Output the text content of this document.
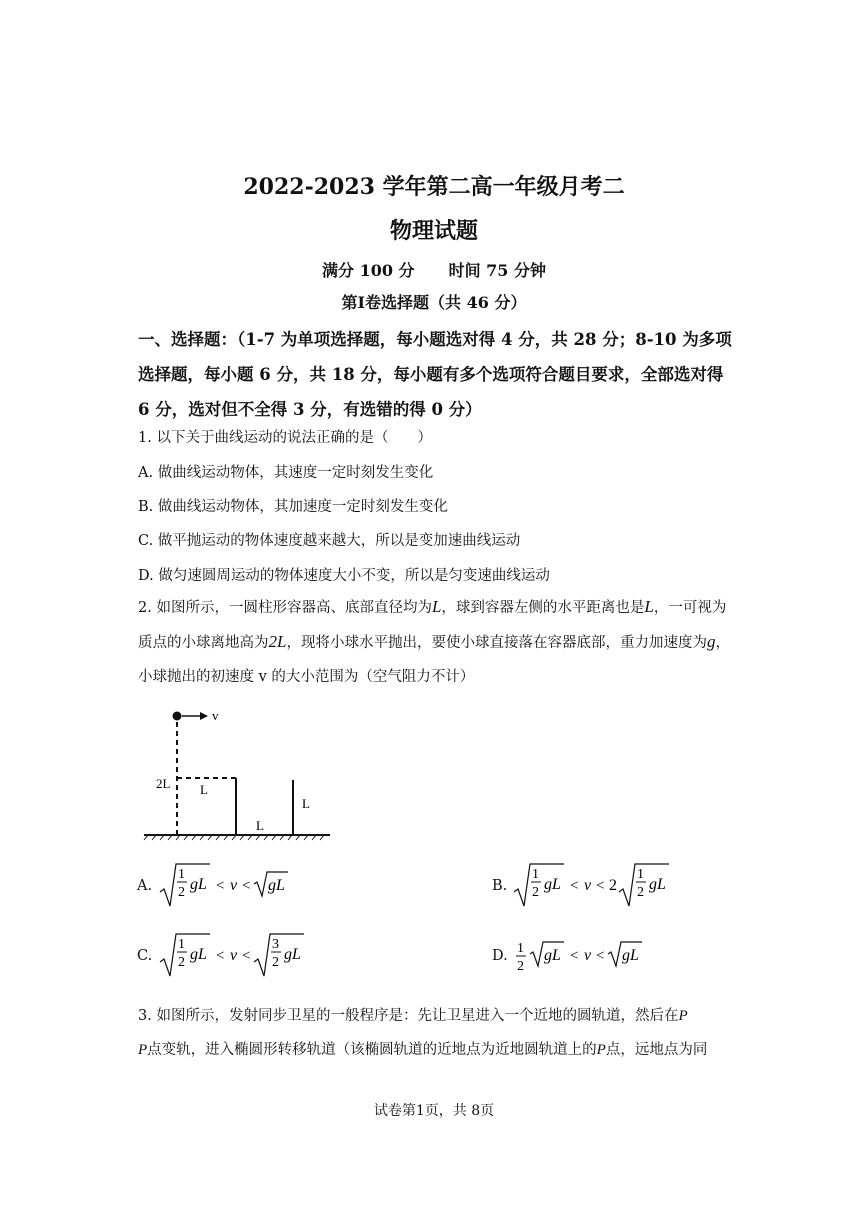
2022-2023 学年第二高一年级月考二
物理试题
满分 100 分 时间 75 分钟
第Ⅰ卷选择题（共 46 分）
一、选择题：（1-7 为单项选择题，每小题选对得 4 分，共 28 分；8-10 为多项选择题，每小题 6 分，共 18 分，每小题有多个选项符合题目要求，全部选对得 6 分，选对但不全得 3 分，有选错的得 0 分）
1. 以下关于曲线运动的说法正确的是（　　）
A. 做曲线运动物体，其速度一定时刻发生变化
B. 做曲线运动物体，其加速度一定时刻发生变化
C. 做平抛运动的物体速度越来越大，所以是变加速曲线运动
D. 做匀速圆周运动的物体速度大小不变，所以是匀变速曲线运动
2. 如图所示，一圆柱形容器高、底部直径均为L，球到容器左侧的水平距离也是L，一可视为质点的小球离地高为2L，现将小球水平抛出，要使小球直接落在容器底部，重力加速度为g，小球抛出的初速度 v 的大小范围为（空气阻力不计）
v
2L L
L
L
A.
1
2 gL < v < gL	B.
1
2 gL < v < 2
1
2 gL
C.
1
2 gL < v <
3
2 gL	D. 1
2
gL < v < gL
3. 如图所示，发射同步卫星的一般程序是：先让卫星进入一个近地的圆轨道，然后在P
P点变轨，进入椭圆形转移轨道（该椭圆轨道的近地点为近地圆轨道上的P点，远地点为同
试卷第1页，共 8页
